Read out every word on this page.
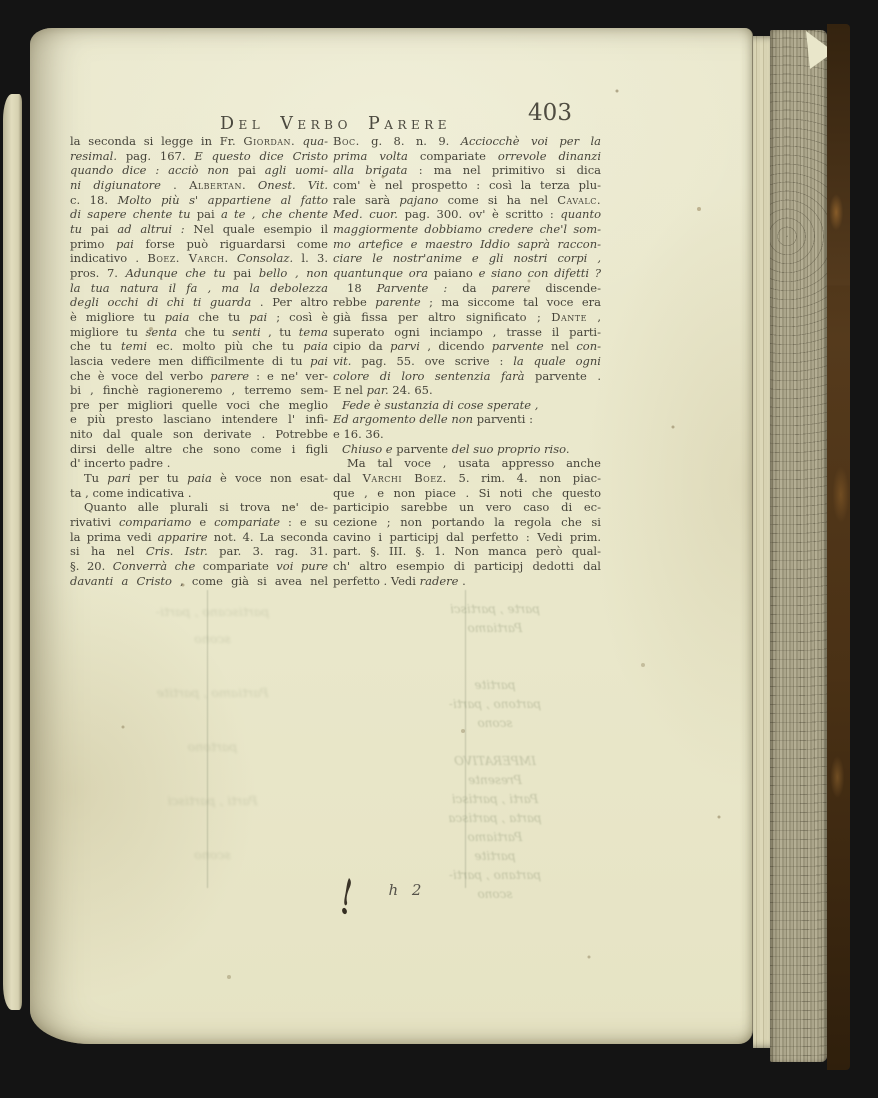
Del Verbo Parere	403
partiscano , parti-
scono

Partiamo , partite

partono

Parti , partisci

scono
parte , partisci
Partiamo

partite
partono , parti-
scono

IMPERATIVO
Presente
Parti , partisci
parta , partisca
Partiamo
partite
partano , parti-
scono
la seconda si legge in Fr. Giordan. qua-
resimal. pag. 167. E questo dice Cristo
quando dice : acciò non pai agli uomi-
ni digiunatore . Albertan. Onest. Vit.
c. 18. Molto più s' appartiene al fatto
di sapere chente tu pai a te , che chente
tu pai ad altrui : Nel quale esempio il
primo pai forse può riguardarsi come
indicativo . Boez. Varch. Consolaz. l. 3.
pros. 7. Adunque che tu pai bello , non
la tua natura il fa , ma la debolezza
degli occhi di chi ti guarda . Per altro
è migliore tu paia che tu pai ; così è
migliore tu senta che tu senti , tu tema
che tu temi ec. molto più che tu paia
lascia vedere men difficilmente di tu pai
che è voce del verbo parere : e ne' ver-
bi , finchè ragioneremo , terremo sem-
pre per migliori quelle voci che meglio
e più presto lasciano intendere l' infi-
nito dal quale son derivate . Potrebbe
dirsi delle altre che sono come i figli
d' incerto padre .
Tu pari per tu paia è voce non esat-
ta , come indicativa .
Quanto alle plurali si trova ne' de-
rivativi compariamo e compariate : e su
la prima vedi apparire not. 4. La seconda
si ha nel Cris. Istr. par. 3. rag. 31.
§. 20. Converrà che compariate voi pure
davanti a Cristo , come già si avea nel
Boc. g. 8. n. 9. Acciocchè voi per la
prima volta compariate orrevole dinanzi
alla brigata : ma nel primitivo si dica
com' è nel prospetto : così la terza plu-
rale sarà pajano come si ha nel Cavalc.
Med. cuor. pag. 300. ov' è scritto : quanto
maggiormente dobbiamo credere che'l som-
mo artefice e maestro Iddio saprà raccon-
ciare le nostr'anime e gli nostri corpi ,
quantunque ora paiano e siano con difetti ?
18 Parvente : da parere discende-
rebbe parente ; ma siccome tal voce era
già fissa per altro significato ; Dante ,
superato ogni inciampo , trasse il parti-
cipio da parvi , dicendo parvente nel con-
vit. pag. 55. ove scrive : la quale ogni
colore di loro sentenzia farà parvente .
E nel par. 24. 65.
Fede è sustanzia di cose sperate ,
Ed argomento delle non parventi :
e 16. 36.
Chiuso e parvente del suo proprio riso.
Ma tal voce , usata appresso anche
dal Varchi Boez. 5. rim. 4. non piac-
que , e non piace . Si noti che questo
participio sarebbe un vero caso di ec-
cezione ; non portando la regola che si
cavino i participj dal perfetto : Vedi prim.
part. §. III. §. 1. Non manca però qual-
ch' altro esempio di participj dedotti dal
perfetto . Vedi radere .
h 2
